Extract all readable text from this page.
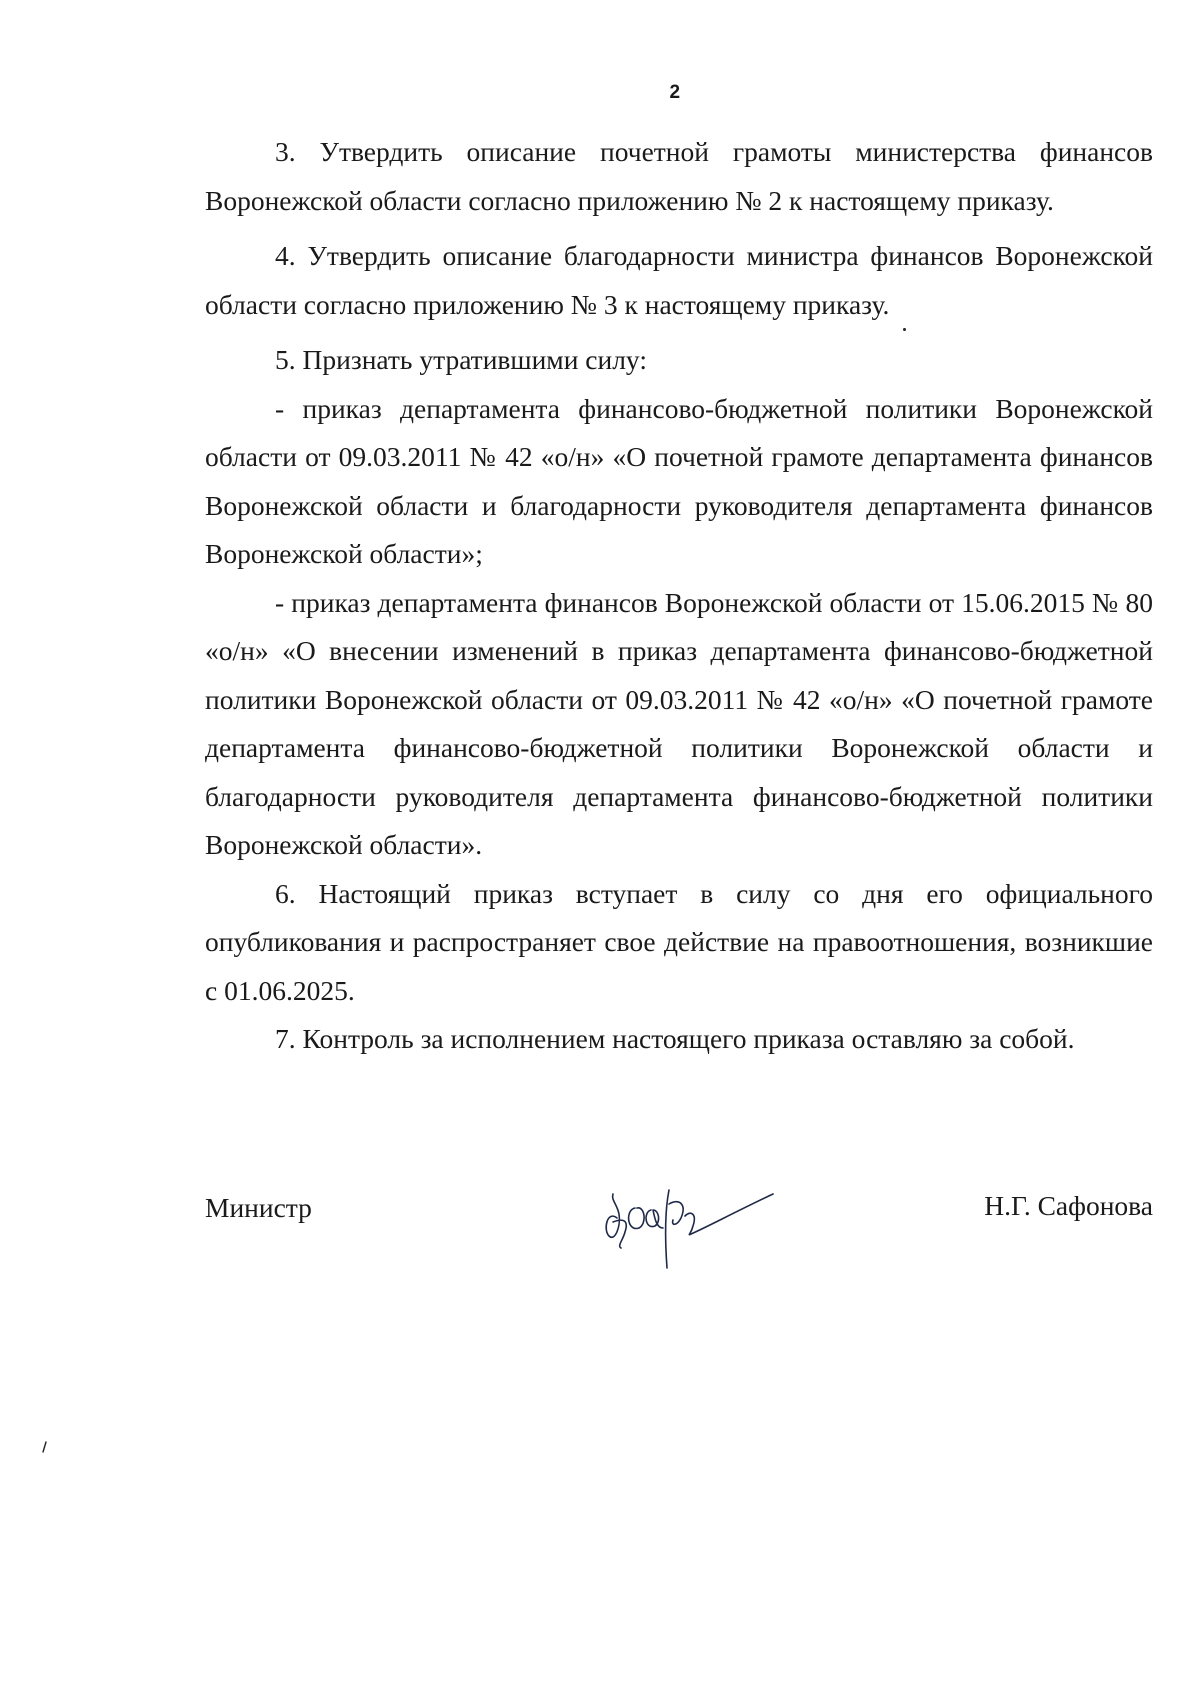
2

3. Утвердить описание почетной грамоты министерства финансов Воронежской области согласно приложению № 2 к настоящему приказу.

4. Утвердить описание благодарности министра финансов Воронежской области согласно приложению № 3 к настоящему приказу.

5. Признать утратившими силу:

- приказ департамента финансово-бюджетной политики Воронежской области от 09.03.2011 № 42 «о/н» «О почетной грамоте департамента финансов Воронежской области и благодарности руководителя департамента финансов Воронежской области»;

- приказ департамента финансов Воронежской области от 15.06.2015 № 80 «о/н» «О внесении изменений в приказ департамента финансово-бюджетной политики Воронежской области от 09.03.2011 № 42 «о/н» «О почетной грамоте департамента финансово-бюджетной политики Воронежской области и благодарности руководителя департамента финансово-бюджетной политики Воронежской области».

6. Настоящий приказ вступает в силу со дня его официального опубликования и распространяет свое действие на правоотношения, возникшие с 01.06.2025.

7. Контроль за исполнением настоящего приказа оставляю за собой.

Министр	Н.Г. Сафонова
